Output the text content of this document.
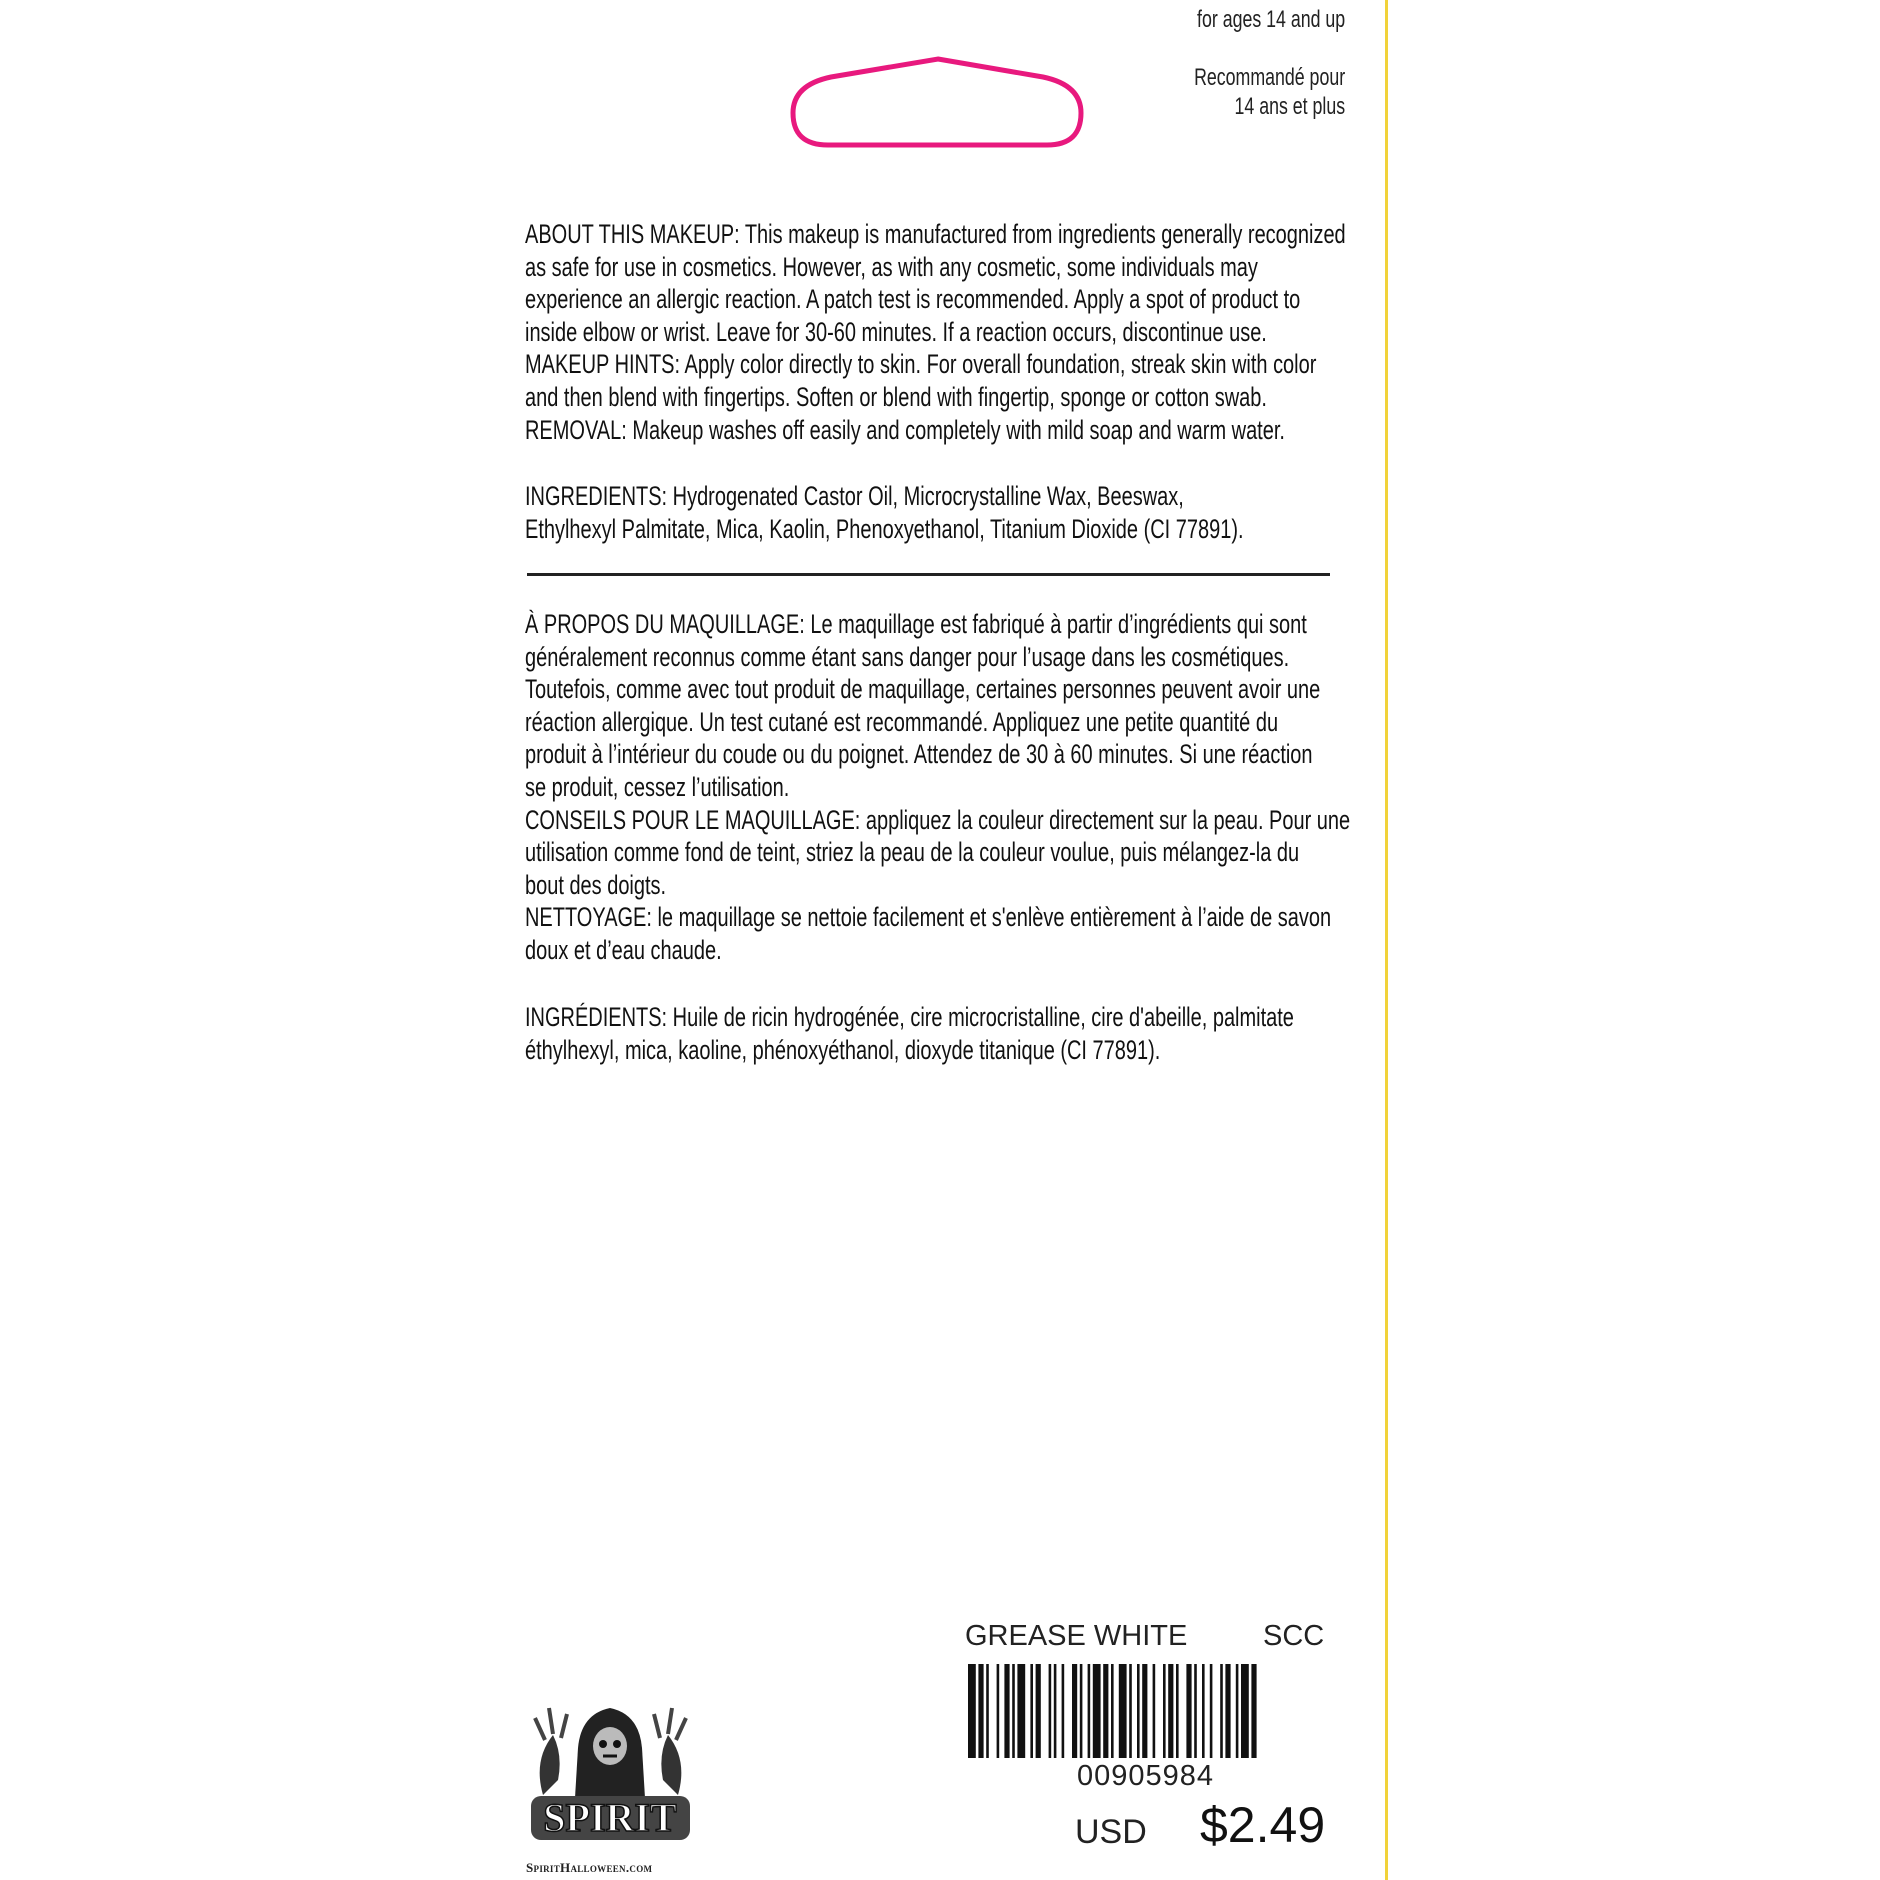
for ages 14 and up
Recommandé pour
14 ans et plus

ABOUT THIS MAKEUP: This makeup is manufactured from ingredients generally recognized

as safe for use in cosmetics. However, as with any cosmetic, some individuals may

experience an allergic reaction. A patch test is recommended. Apply a spot of product to

inside elbow or wrist. Leave for 30-60 minutes. If a reaction occurs, discontinue use.

MAKEUP HINTS: Apply color directly to skin. For overall foundation, streak skin with color

and then blend with fingertips. Soften or blend with fingertip, sponge or cotton swab.

REMOVAL: Makeup washes off easily and completely with mild soap and warm water.

INGREDIENTS: Hydrogenated Castor Oil, Microcrystalline Wax, Beeswax,

Ethylhexyl Palmitate, Mica, Kaolin, Phenoxyethanol, Titanium Dioxide (CI 77891).

À PROPOS DU MAQUILLAGE: Le maquillage est fabriqué à partir d’ingrédients qui sont

généralement reconnus comme étant sans danger pour l’usage dans les cosmétiques.

Toutefois, comme avec tout produit de maquillage, certaines personnes peuvent avoir une

réaction allergique. Un test cutané est recommandé. Appliquez une petite quantité du

produit à l’intérieur du coude ou du poignet. Attendez de 30 à 60 minutes. Si une réaction

se produit, cessez l’utilisation.

CONSEILS POUR LE MAQUILLAGE: appliquez la couleur directement sur la peau. Pour une

utilisation comme fond de teint, striez la peau de la couleur voulue, puis mélangez-la du

bout des doigts.

NETTOYAGE: le maquillage se nettoie facilement et s'enlève entièrement à l’aide de savon

doux et d’eau chaude.

INGRÉDIENTS: Huile de ricin hydrogénée, cire microcristalline, cire d'abeille, palmitate

éthylhexyl, mica, kaoline, phénoxyéthanol, dioxyde titanique (CI 77891).

SPIRIT
SpiritHalloween.com
GREASE WHITE	SCC
00905984
USD $2.49
